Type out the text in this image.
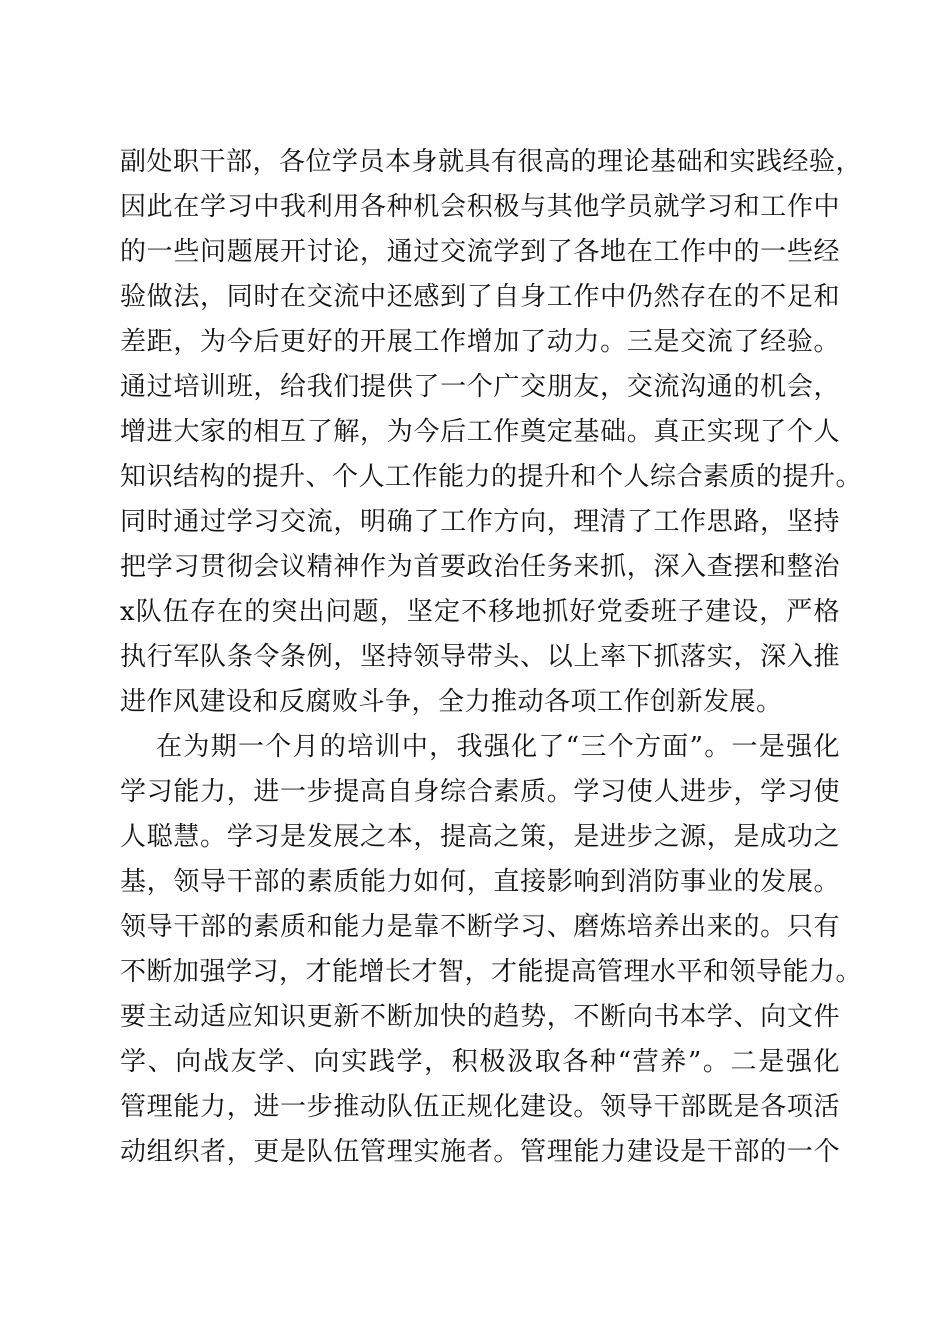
副处职干部，各位学员本身就具有很高的理论基础和实践经验，
因此在学习中我利用各种机会积极与其他学员就学习和工作中
的一些问题展开讨论，通过交流学到了各地在工作中的一些经
验做法，同时在交流中还感到了自身工作中仍然存在的不足和
差距，为今后更好的开展工作增加了动力。三是交流了经验。
通过培训班，给我们提供了一个广交朋友，交流沟通的机会，
增进大家的相互了解，为今后工作奠定基础。真正实现了个人
知识结构的提升、个人工作能力的提升和个人综合素质的提升。
同时通过学习交流，明确了工作方向，理清了工作思路，坚持
把学习贯彻会议精神作为首要政治任务来抓，深入查摆和整治
x队伍存在的突出问题，坚定不移地抓好党委班子建设，严格
执行军队条令条例，坚持领导带头、以上率下抓落实，深入推
进作风建设和反腐败斗争，全力推动各项工作创新发展。
在为期一个月的培训中，我强化了“三个方面”。一是强化
学习能力，进一步提高自身综合素质。学习使人进步，学习使
人聪慧。学习是发展之本，提高之策，是进步之源，是成功之
基，领导干部的素质能力如何，直接影响到消防事业的发展。
领导干部的素质和能力是靠不断学习、磨炼培养出来的。只有
不断加强学习，才能增长才智，才能提高管理水平和领导能力。
要主动适应知识更新不断加快的趋势，不断向书本学、向文件
学、向战友学、向实践学，积极汲取各种“营养”。二是强化
管理能力，进一步推动队伍正规化建设。领导干部既是各项活
动组织者，更是队伍管理实施者。管理能力建设是干部的一个
